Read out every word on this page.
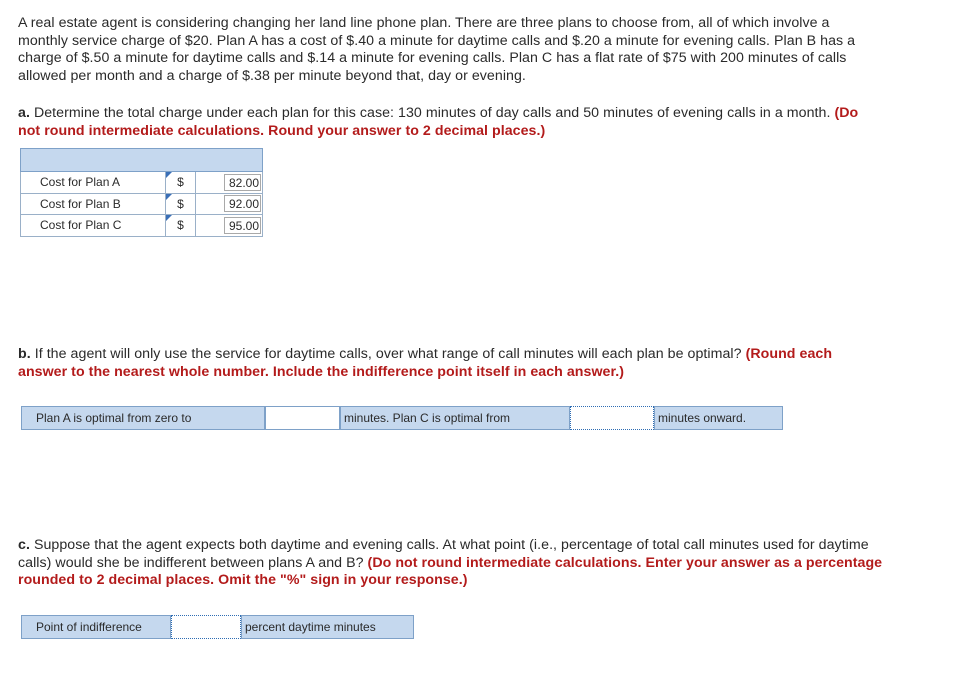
A real estate agent is considering changing her land line phone plan. There are three plans to choose from, all of which involve a
monthly service charge of $20. Plan A has a cost of $.40 a minute for daytime calls and $.20 a minute for evening calls. Plan B has a
charge of $.50 a minute for daytime calls and $.14 a minute for evening calls. Plan C has a flat rate of $75 with 200 minutes of calls
allowed per month and a charge of $.38 per minute beyond that, day or evening.
a. Determine the total charge under each plan for this case: 130 minutes of day calls and 50 minutes of evening calls in a month. (Do
not round intermediate calculations. Round your answer to 2 decimal places.)

Cost for Plan A	$	82.00
Cost for Plan B	$	92.00
Cost for Plan C	$	95.00
b. If the agent will only use the service for daytime calls, over what range of call minutes will each plan be optimal? (Round each
answer to the nearest whole number. Include the indifference point itself in each answer.)
Plan A is optimal from zero to	minutes. Plan C is optimal from	minutes onward.
c. Suppose that the agent expects both daytime and evening calls. At what point (i.e., percentage of total call minutes used for daytime
calls) would she be indifferent between plans A and B? (Do not round intermediate calculations. Enter your answer as a percentage
rounded to 2 decimal places. Omit the "%" sign in your response.)
Point of indifference	percent daytime minutes
